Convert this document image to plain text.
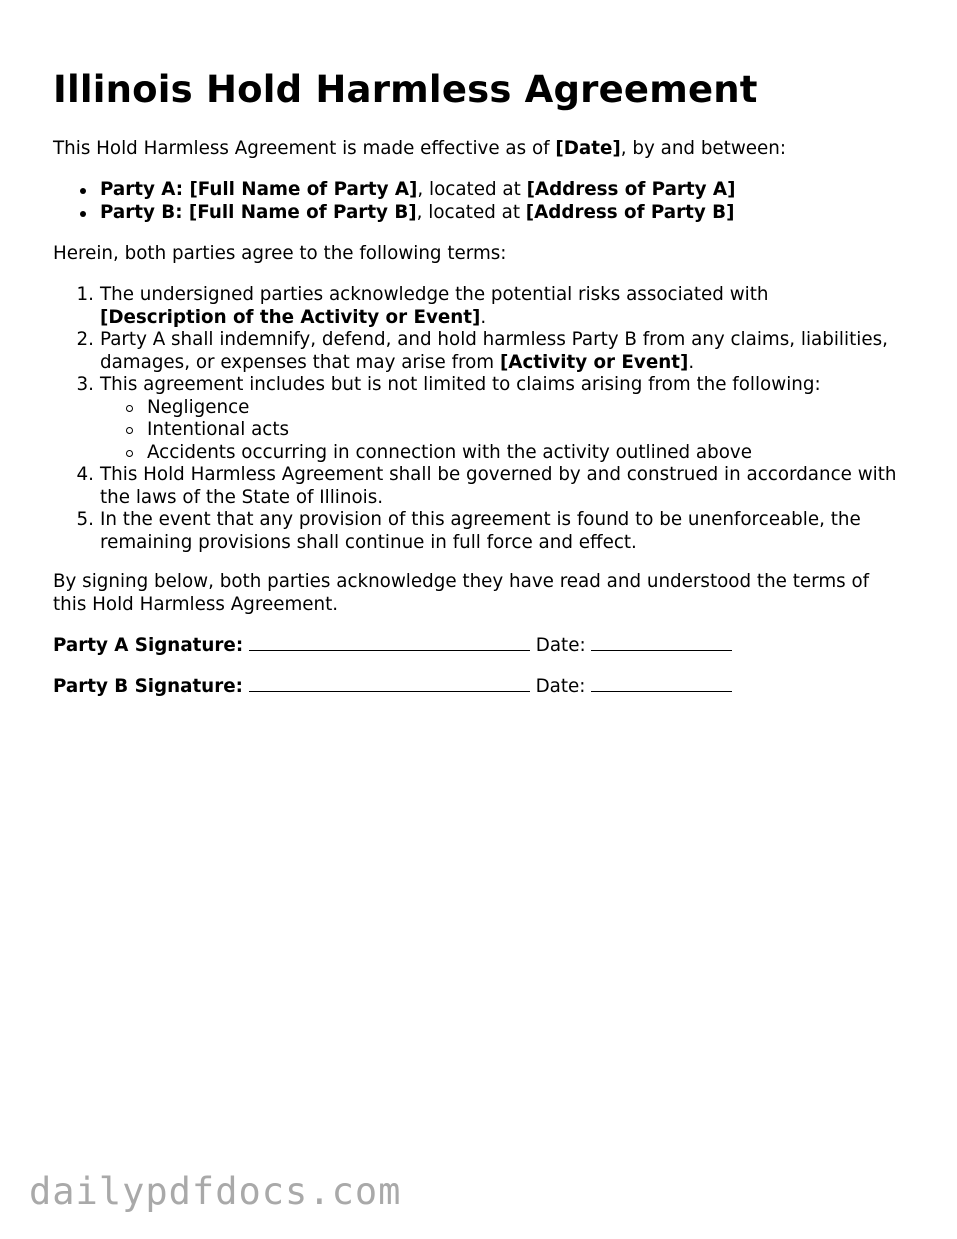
Illinois Hold Harmless Agreement
This Hold Harmless Agreement is made effective as of [Date], by and between:
Party A: [Full Name of Party A], located at [Address of Party A]
Party B: [Full Name of Party B], located at [Address of Party B]
Herein, both parties agree to the following terms:
1. The undersigned parties acknowledge the potential risks associated with
[Description of the Activity or Event].
2. Party A shall indemnify, defend, and hold harmless Party B from any claims, liabilities, damages, or expenses that may arise from [Activity or Event].
3. This agreement includes but is not limited to claims arising from the following:
Negligence
Intentional acts
Accidents occurring in connection with the activity outlined above
4. This Hold Harmless Agreement shall be governed by and construed in accordance with the laws of the State of Illinois.
5. In the event that any provision of this agreement is found to be unenforceable, the remaining provisions shall continue in full force and effect.
By signing below, both parties acknowledge they have read and understood the terms of this Hold Harmless Agreement.
Party A Signature:	Date:
Party B Signature:	Date:
dailypdfdocs.com
